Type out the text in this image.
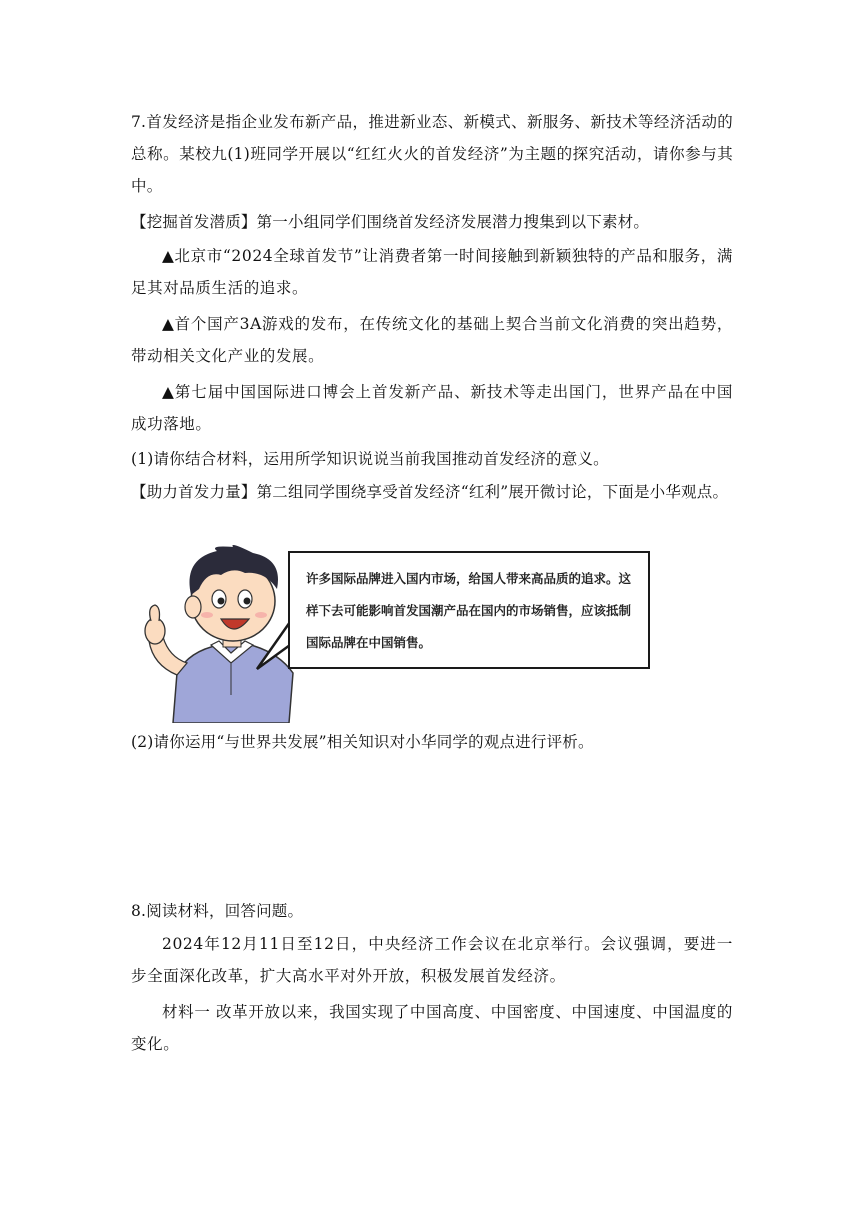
7.首发经济是指企业发布新产品，推进新业态、新模式、新服务、新技术等经济活动的总称。某校九(1)班同学开展以“红红火火的首发经济”为主题的探究活动，请你参与其中。

【挖掘首发潜质】第一小组同学们围绕首发经济发展潜力搜集到以下素材。

▲北京市“2024全球首发节”让消费者第一时间接触到新颖独特的产品和服务，满足其对品质生活的追求。

▲首个国产3A游戏的发布，在传统文化的基础上契合当前文化消费的突出趋势，带动相关文化产业的发展。

▲第七届中国国际进口博会上首发新产品、新技术等走出国门，世界产品在中国成功落地。

(1)请你结合材料，运用所学知识说说当前我国推动首发经济的意义。

【助力首发力量】第二组同学围绕享受首发经济“红利”展开微讨论，下面是小华观点。

许多国际品牌进入国内市场，给国人带来高品质的追求。这样下去可能影响首发国潮产品在国内的市场销售，应该抵制国际品牌在中国销售。

(2)请你运用“与世界共发展”相关知识对小华同学的观点进行评析。

8.阅读材料，回答问题。

2024年12月11日至12日，中央经济工作会议在北京举行。会议强调，要进一步全面深化改革，扩大高水平对外开放，积极发展首发经济。

材料一 改革开放以来，我国实现了中国高度、中国密度、中国速度、中国温度的变化。
